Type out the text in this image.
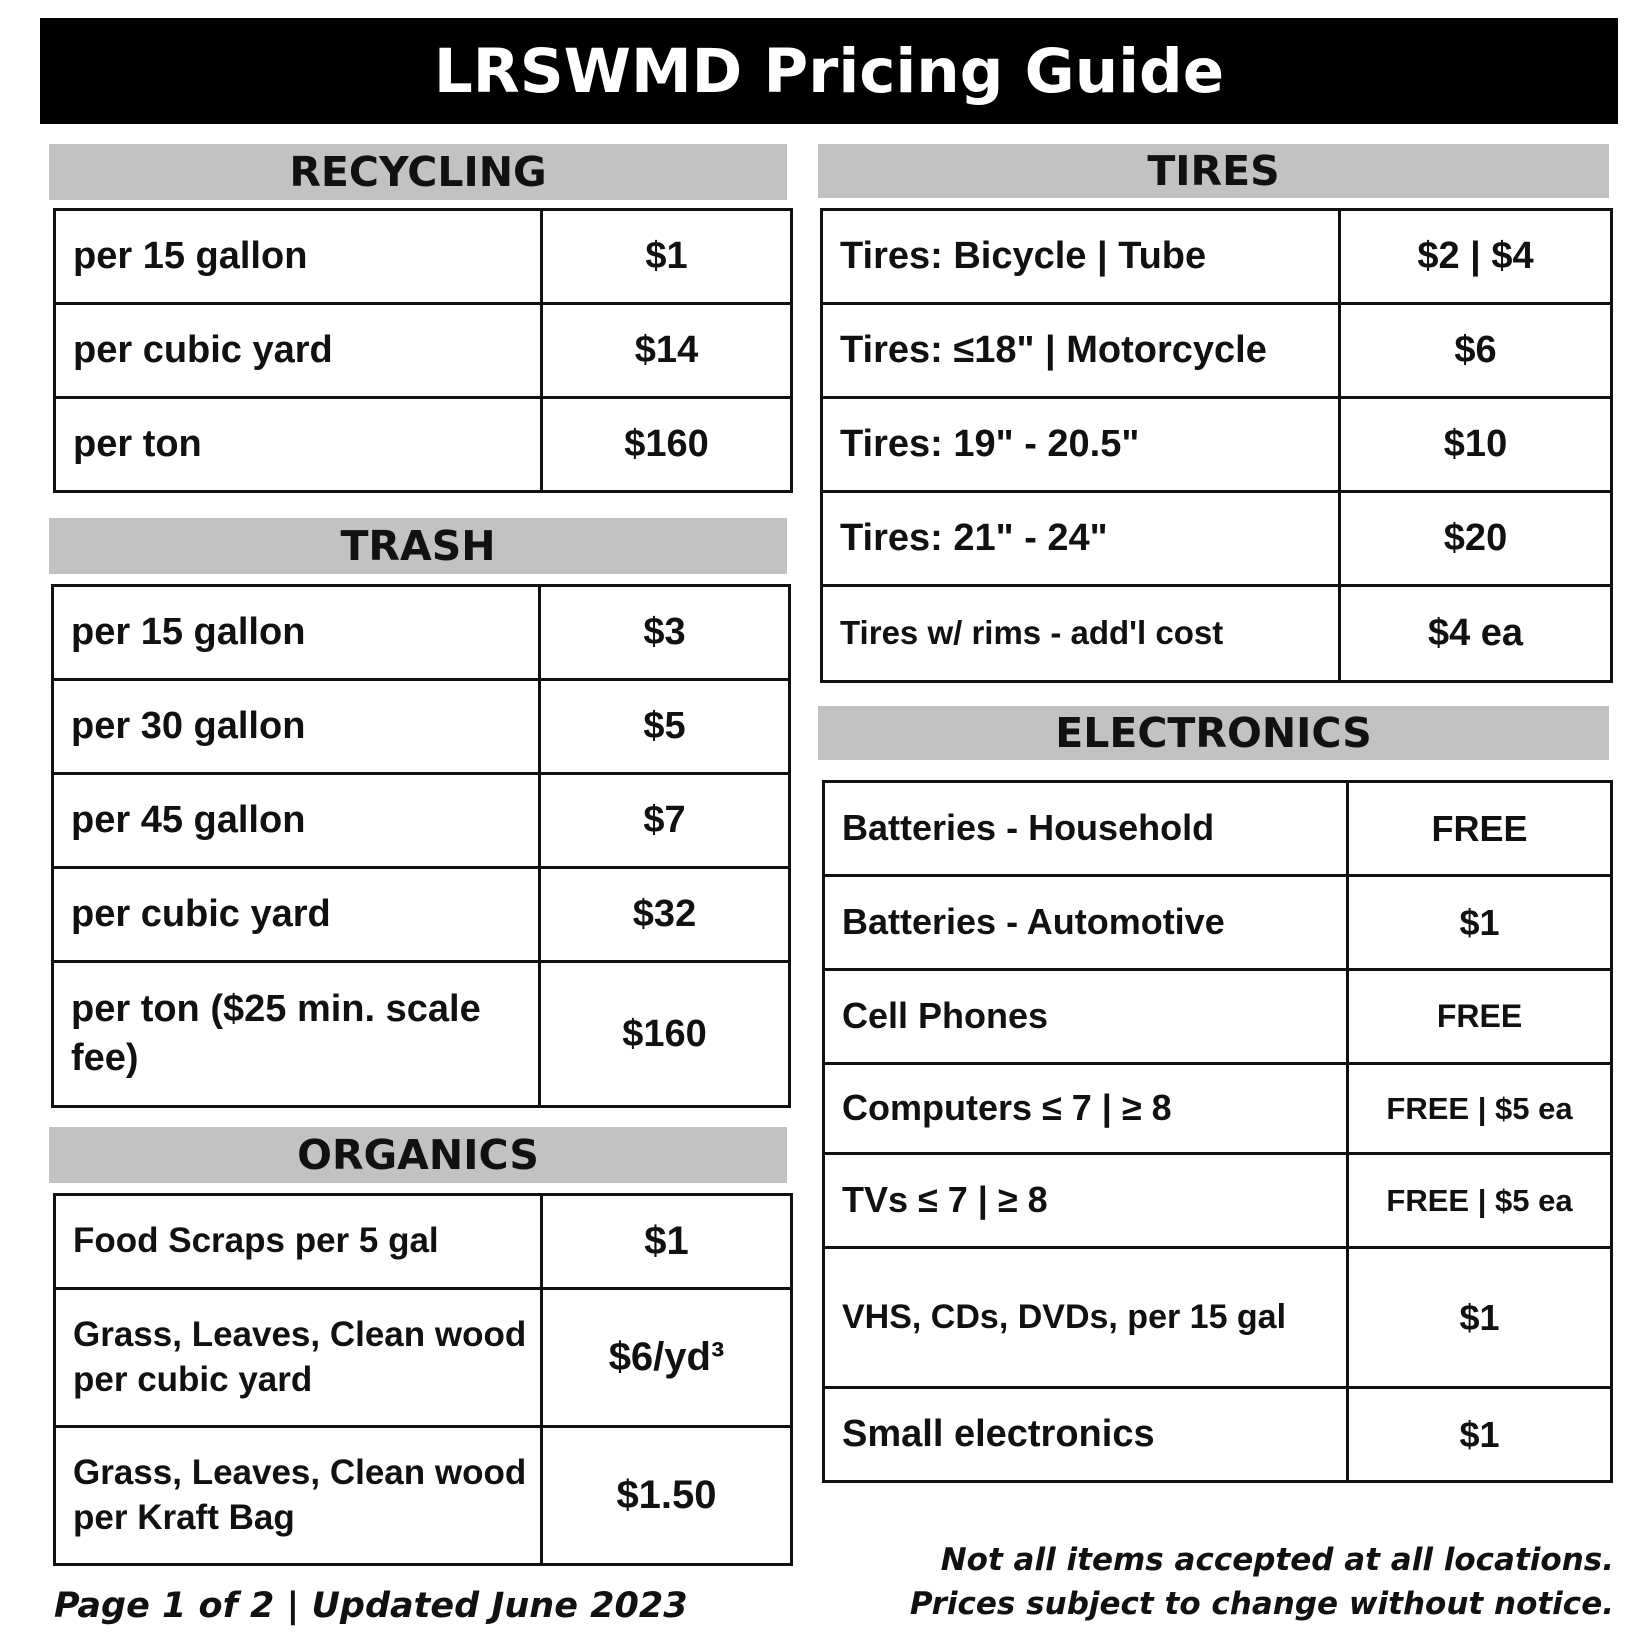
LRSWMD Pricing Guide
RECYCLING
per 15 gallon	$1
per cubic yard	$14
per ton	$160
TRASH
per 15 gallon	$3
per 30 gallon	$5
per 45 gallon	$7
per cubic yard	$32
per ton ($25 min. scale fee)	$160
ORGANICS
Food Scraps per 5 gal	$1
Grass, Leaves, Clean wood per cubic yard	$6/yd³
Grass, Leaves, Clean wood per Kraft Bag	$1.50
TIRES
Tires: Bicycle | Tube	$2 | $4
Tires: ≤18" | Motorcycle	$6
Tires: 19" - 20.5"	$10
Tires: 21" - 24"	$20
Tires w/ rims - add'l cost	$4 ea
ELECTRONICS
Batteries - Household	FREE
Batteries - Automotive	$1
Cell Phones	FREE
Computers ≤ 7 | ≥ 8	FREE | $5 ea
TVs ≤ 7 | ≥ 8	FREE | $5 ea
VHS, CDs, DVDs, per 15 gal	$1
Small electronics	$1
Page 1 of 2 | Updated June 2023
Not all items accepted at all locations.
Prices subject to change without notice.
